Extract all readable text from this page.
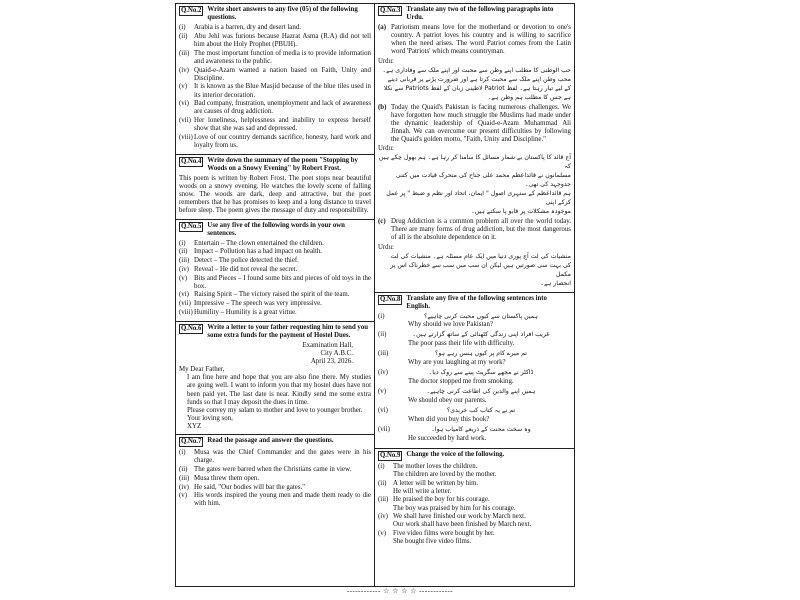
Q.No.2 Write short answers to any five (05) of the following questions.
(i)	Arabia is a barren, dry and desert land.
(ii) Abu Jehl was furious because Hazrat Asma (R.A) did not tell him about the Holy Prophet (PBUH).
(iii) The most important function of media is to provide information and awareness to the public.
(iv) Quaid-e-Azam wanted a nation based on Faith, Unity and Discipline.
(v)	It is known as the Blue Masjid because of the blue tiles used in its interior decoration.
(vi) Bad company, frustration, unemployment and lack of awareness are causes of drug addiction.
(vii) Her loneliness, helplessness and inability to express herself show that she was sad and depressed.
(viii) Love of our country demands sacrifice, honesty, hard work and loyalty from us.
Q.No.4 Write down the summary of the poem "Stopping by Woods on a Snowy Evening" by Robert Frost.
This poem is written by Robert Frost. The poet stops near beautiful woods on a snowy evening. He watches the lovely scene of falling snow. The woods are dark, deep and attractive, but the poet remembers that he has promises to keep and a long distance to travel before sleep. The poem gives the message of duty and responsibility.
Q.No.5 Use any five of the following words in your own sentences.
(i)	Entertain – The clown entertained the children.
(ii) Impact – Pollution has a bad impact on health.
(iii) Detect – The police detected the thief.
(iv) Reveal – He did not reveal the secret.
(v)	Bits and Pieces – I found some bits and pieces of old toys in the box.
(vi) Raising Spirit – The victory raised the spirit of the team.
(vii) Impressive – The speech was very impressive.
(viii) Humility – Humility is a great virtue.
Q.No.6 Write a letter to your father requesting him to send you some extra funds for the payment of Hostel Dues.
Examination Hall,
City A.B.C.
April 23, 2026.
My Dear Father,
I am fine here and hope that you are also fine there. My studies are going well. I want to inform you that my hostel dues have not been paid yet. The last date is near. Kindly send me some extra funds so that I may deposit the dues in time.
Please convey my salam to mother and love to younger brother.
Your loving son,
XYZ
Q.No.7 Read the passage and answer the questions.
(i)	Musa was the Chief Commander and the gates were in his charge.
(ii) The gates were barred when the Christians came in view.
(iii) Musa threw them open.
(iv) He said, "Our bodies will bar the gates."
(v)	His words inspired the young men and made them ready to die with him.
Q.No.3 Translate any two of the following paragraphs into Urdu.
(a) Patriotism means love for the motherland or devotion to one's country. A patriot loves his country and is willing to sacrifice when the need arises. The word Patriot comes from the Latin word 'Patriots' which means countryman.
Urdu:
حب الوطنی کا مطلب اپنے وطن سے محبت اور اپنے ملک سے وفاداری ہے۔
محب وطن اپنے ملک سے محبت کرتا ہے اور ضرورت پڑنے پر قربانی دینے
کے لیے تیار رہتا ہے۔ لفظ Patriot لاطینی زبان کے لفظ Patriots سے نکلا
ہے جس کا مطلب ہم وطن ہے۔
(b) Today the Quaid's Pakistan is facing numerous challenges. We have forgotten how much struggle the Muslims had made under the dynamic leadership of Quaid-e-Azam Muhammad Ali Jinnah. We can overcome our present difficulties by following the Quaid's golden motto, "Faith, Unity and Discipline."
Urdu:
آج قائد کا پاکستان بے شمار مسائل کا سامنا کر رہا ہے۔ ہم بھول چکے ہیں کہ
مسلمانوں نے قائداعظم محمد علی جناح کی متحرک قیادت میں کتنی جدوجہد کی تھی۔
ہم قائداعظم کے سنہری اصول " ایمان، اتحاد اور نظم و ضبط " پر عمل کرکے اپنی
موجودہ مشکلات پر قابو پا سکتے ہیں۔
(c) Drug Addiction is a common problem all over the world today. There are many forms of drug addiction, but the most dangerous of all is the absolute dependence on it.
Urdu:
منشیات کی لت آج پوری دنیا میں ایک عام مسئلہ ہے۔ منشیات کی لت
کی بہت سی صورتیں ہیں لیکن ان سب میں سب سے خطرناک اس پر مکمل
انحصار ہے۔
Q.No.8 Translate any five of the following sentences into English.
(i)	ہمیں پاکستان سے کیوں محبت کرنی چاہیے؟
Why should we love Pakistan?
(ii)	غریب افراد اپنی زندگی کٹھنائی کے ساتھ گزارتے ہیں۔
The poor pass their life with difficulty.
(iii)	تم میرے کام پر کیوں ہنس رہے ہو؟
Why are you laughing at my work?
(iv)	ڈاکٹر نے مجھے سگریٹ پینے سے روک دیا۔
The doctor stopped me from smoking.
(v)	ہمیں اپنے والدین کی اطاعت کرنی چاہیے۔
We should obey our parents.
(vi)	تم نے یہ کتاب کب خریدی؟
When did you buy this book?
(vii)	وہ سخت محنت کے ذریعے کامیاب ہوا۔
He succeeded by hard work.
Q.No.9 Change the voice of the following.
(i)	The mother loves the children.
The children are loved by the mother.
(ii) A letter will be written by him.
He will write a letter.
(iii) He praised the boy for his courage.
The boy was praised by him for his courage.
(iv) We shall have finished our work by March next.
Our work shall have been finished by March next.
(v)	Five video films were bought by her.
She bought five video films.
------------ ☆ ☆ ☆ ☆ ------------
